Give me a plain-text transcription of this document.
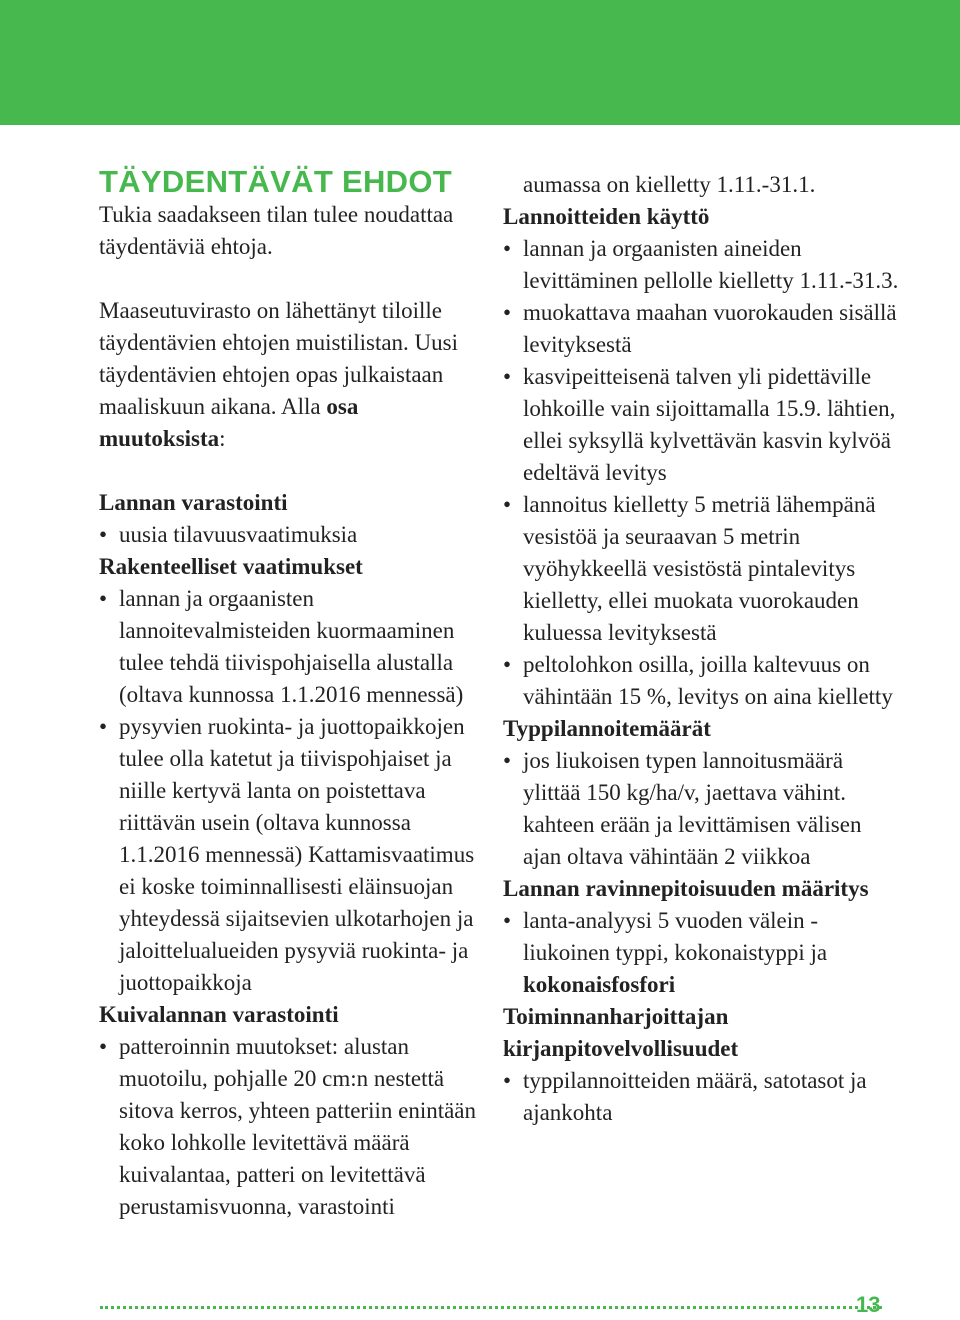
TÄYDENTÄVÄT EHDOT

Tukia saadakseen tilan tulee noudattaa täydentäviä ehtoja.

Maaseutuvirasto on lähettänyt tiloille täydentävien ehtojen muistilistan. Uusi täydentävien ehtojen opas julkaistaan maaliskuun aikana. Alla osa muutoksista:

Lannan varastointi

• uusia tilavuusvaatimuksia

Rakenteelliset vaatimukset

• lannan ja orgaanisten lannoitevalmisteiden kuormaaminen tulee tehdä tiivispohjaisella alustalla (oltava kunnossa 1.1.2016 mennessä)
• pysyvien ruokinta- ja juottopaikkojen tulee olla katetut ja tiivispohjaiset ja niille kertyvä lanta on poistettava riittävän usein (oltava kunnossa 1.1.2016 mennessä) Kattamisvaatimus ei koske toiminnallisesti eläinsuojan yhteydessä sijaitsevien ulkotarhojen ja jaloittelualueiden pysyviä ruokinta- ja juottopaikkoja

Kuivalannan varastointi

• patteroinnin muutokset: alustan muotoilu, pohjalle 20 cm:n nestettä sitova kerros, yhteen patteriin enintään koko lohkolle levitettävä määrä kuivalantaa, patteri on levitettävä perustamisvuonna, varastointi

aumassa on kielletty 1.11.-31.1.

Lannoitteiden käyttö

• lannan ja orgaanisten aineiden levittäminen pellolle kielletty 1.11.-31.3.
• muokattava maahan vuorokauden sisällä levityksestä
• kasvipeitteisenä talven yli pidettäville lohkoille vain sijoittamalla 15.9. lähtien, ellei syksyllä kylvettävän kasvin kylvöä edeltävä levitys
• lannoitus kielletty 5 metriä lähempänä vesistöä ja seuraavan 5 metrin vyöhykkeellä vesistöstä pintalevitys kielletty, ellei muokata vuorokauden kuluessa levityksestä
• peltolohkon osilla, joilla kaltevuus on vähintään 15 %, levitys on aina kielletty

Typpilannoitemäärät

• jos liukoisen typen lannoitusmäärä ylittää 150 kg/ha/v, jaettava vähint. kahteen erään ja levittämisen välisen ajan oltava vähintään 2 viikkoa

Lannan ravinnepitoisuuden määritys

• lanta-analyysi 5 vuoden välein - liukoinen typpi, kokonaistyppi ja kokonaisfosfori

Toiminnanharjoittajan kirjanpitovelvollisuudet

• typpilannoitteiden määrä, satotasot ja ajankohta
13
